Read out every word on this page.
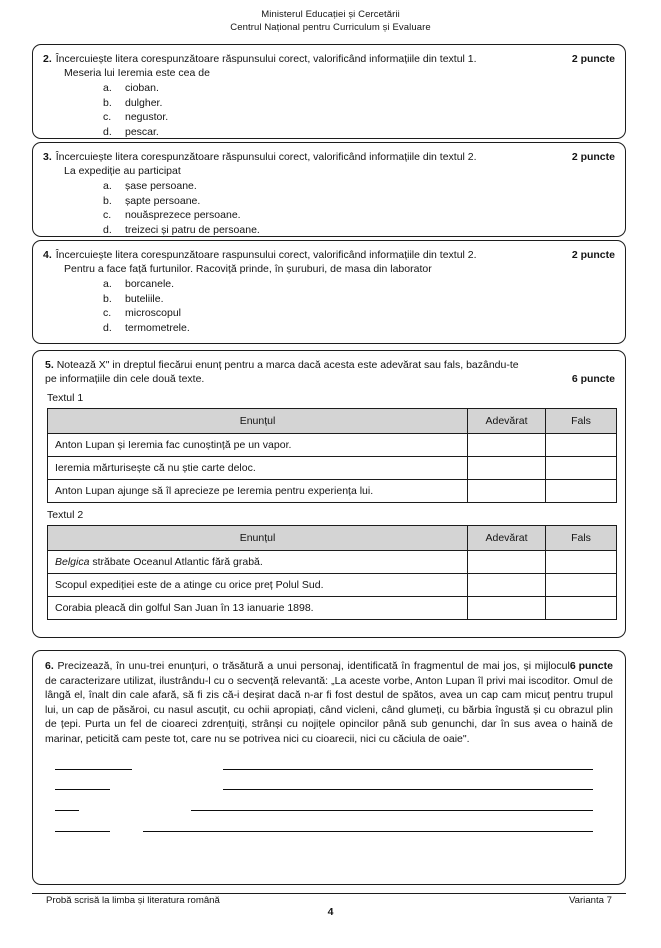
Ministerul Educației și Cercetării
Centrul Național pentru Curriculum și Evaluare
2. Încercuiește litera corespunzătoare răspunsului corect, valorificând informațiile din textul 1.	2 puncte
Meseria lui Ieremia este cea de
a.	cioban.
b.	dulgher.
c.	negustor.
d.	pescar.
3. Încercuiește litera corespunzătoare răspunsului corect, valorificând informațiile din textul 2.	2 puncte
La expediție au participat
a.	șase persoane.
b.	șapte persoane.
c.	nouăsprezece persoane.
d.	treizeci și patru de persoane.
4. Încercuiește litera corespunzătoare raspunsului corect, valorificând informațiile din textul 2.	2 puncte
Pentru a face față furtunilor. Racoviță prinde, în șuruburi, de masa din laborator
a.	borcanele.
b.	buteliile.
c.	microscopul
d.	termometrele.
5. Notează X" in dreptul fiecărui enunț pentru a marca dacă acesta este adevărat sau fals, bazându-te
pe informațiile din cele două texte.	6 puncte
Textul 1
Enunțul	Adevărat	Fals
Anton Lupan și Ieremia fac cunoștință pe un vapor.		
Ieremia mărturisește că nu știe carte deloc.		
Anton Lupan ajunge să îl aprecieze pe Ieremia pentru experiența lui.		
Textul 2
Enunțul	Adevărat	Fals
Belgica străbate Oceanul Atlantic fără grabă.		
Scopul expediției este de a atinge cu orice preț Polul Sud.		
Corabia pleacă din golful San Juan în 13 ianuarie 1898.		
6 puncte
6. Precizează, în unu-trei enunțuri, o trăsătură a unui personaj, identificată în fragmentul de mai jos, și mijlocul de caracterizare utilizat, ilustrându-l cu o secvență relevantă: „La aceste vorbe, Anton Lupan îl privi mai iscoditor. Omul de lângă el, înalt din cale afară, să fi zis că-i deșirat dacă n-ar fi fost destul de spătos, avea un cap cam micuț pentru trupul lui, un cap de păsăroi, cu nasul ascuțit, cu ochii apropiați, când vicleni, când glumeți, cu bărbia îngustă și cu obrazul plin de țepi. Purta un fel de cioareci zdrențuiți, strânși cu nojițele opincilor până sub genunchi, dar în sus avea o haină de marinar, peticită cam peste tot, care nu se potrivea nici cu cioarecii, nici cu căciula de oaie".
Probă scrisă la limba și literatura română	Varianta 7
4
